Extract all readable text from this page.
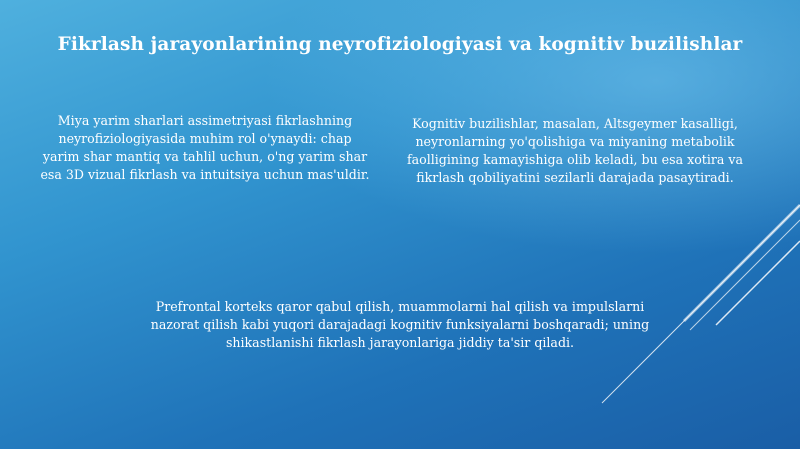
Fikrlash jarayonlarining neyrofiziologiyasi va kognitiv buzilishlar
Miya yarim sharlari assimetriyasi fikrlashning neyrofiziologiyasida muhim rol o'ynaydi: chap yarim shar mantiq va tahlil uchun, o'ng yarim shar esa 3D vizual fikrlash va intuitsiya uchun mas'uldir.
Kognitiv buzilishlar, masalan, Altsgeymer kasalligi, neyronlarning yo'qolishiga va miyaning metabolik faolligining kamayishiga olib keladi, bu esa xotira va fikrlash qobiliyatini sezilarli darajada pasaytiradi.
Prefrontal korteks qaror qabul qilish, muammolarni hal qilish va impulslarni nazorat qilish kabi yuqori darajadagi kognitiv funksiyalarni boshqaradi; uning shikastlanishi fikrlash jarayonlariga jiddiy ta'sir qiladi.
